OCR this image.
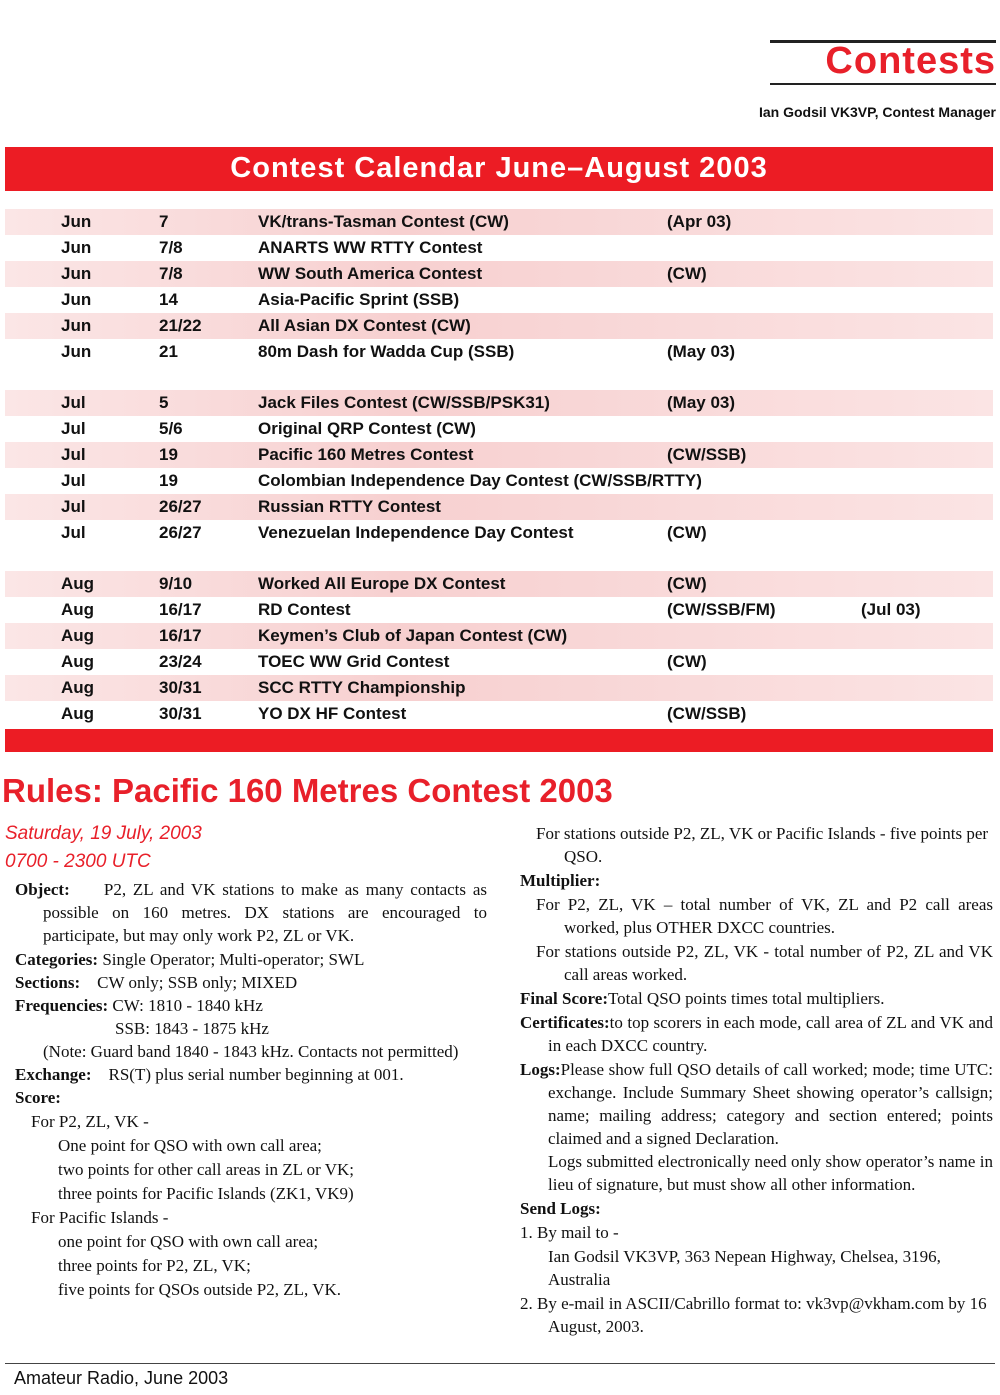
Contests
Ian Godsil VK3VP, Contest Manager
Contest Calendar June–August 2003
Jun	7	VK/trans-Tasman Contest (CW)	(Apr 03)
Jun	7/8	ANARTS WW RTTY Contest
Jun	7/8	WW South America Contest	(CW)
Jun	14	Asia-Pacific Sprint (SSB)
Jun	21/22	All Asian DX Contest (CW)
Jun	21	80m Dash for Wadda Cup (SSB)	(May 03)
Jul	5	Jack Files Contest (CW/SSB/PSK31)	(May 03)
Jul	5/6	Original QRP Contest (CW)
Jul	19	Pacific 160 Metres Contest	(CW/SSB)
Jul	19	Colombian Independence Day Contest (CW/SSB/RTTY)
Jul	26/27	Russian RTTY Contest
Jul	26/27	Venezuelan Independence Day Contest	(CW)
Aug	9/10	Worked All Europe DX Contest	(CW)
Aug	16/17	RD Contest	(CW/SSB/FM)	(Jul 03)
Aug	16/17	Keymen’s Club of Japan Contest (CW)
Aug	23/24	TOEC WW Grid Contest	(CW)
Aug	30/31	SCC RTTY Championship
Aug	30/31	YO DX HF Contest	(CW/SSB)
Rules: Pacific 160 Metres Contest 2003
Saturday, 19 July, 2003
0700 - 2300 UTC

Object: P2, ZL and VK stations to make as many contacts as possible on 160 metres. DX stations are encouraged to participate, but may only work P2, ZL or VK.

Categories: Single Operator; Multi-operator; SWL

Sections: CW only; SSB only; MIXED

Frequencies: CW: 1810 - 1840 kHz

SSB: 1843 - 1875 kHz

(Note: Guard band 1840 - 1843 kHz. Contacts not permitted)

Exchange: RS(T) plus serial number beginning at 001.

Score:

For P2, ZL, VK -

One point for QSO with own call area;

two points for other call areas in ZL or VK;

three points for Pacific Islands (ZK1, VK9)

For Pacific Islands -

one point for QSO with own call area;

three points for P2, ZL, VK;

five points for QSOs outside P2, ZL, VK.

For stations outside P2, ZL, VK or Pacific Islands - five points per QSO.

Multiplier:

For P2, ZL, VK – total number of VK, ZL and P2 call areas worked, plus OTHER DXCC countries.

For stations outside P2, ZL, VK - total number of P2, ZL and VK call areas worked.

Final Score:Total QSO points times total multipliers.

Certificates:to top scorers in each mode, call area of ZL and VK and in each DXCC country.

Logs:Please show full QSO details of call worked; mode; time UTC: exchange. Include Summary Sheet showing operator’s callsign; name; mailing address; category and section entered; points claimed and a signed Declaration.

Logs submitted electronically need only show operator’s name in lieu of signature, but must show all other information.

Send Logs:

1. By mail to -

Ian Godsil VK3VP, 363 Nepean Highway, Chelsea, 3196, Australia

2. By e-mail in ASCII/Cabrillo format to: vk3vp@vkham.com by 16 August, 2003.

Amateur Radio, June 2003
